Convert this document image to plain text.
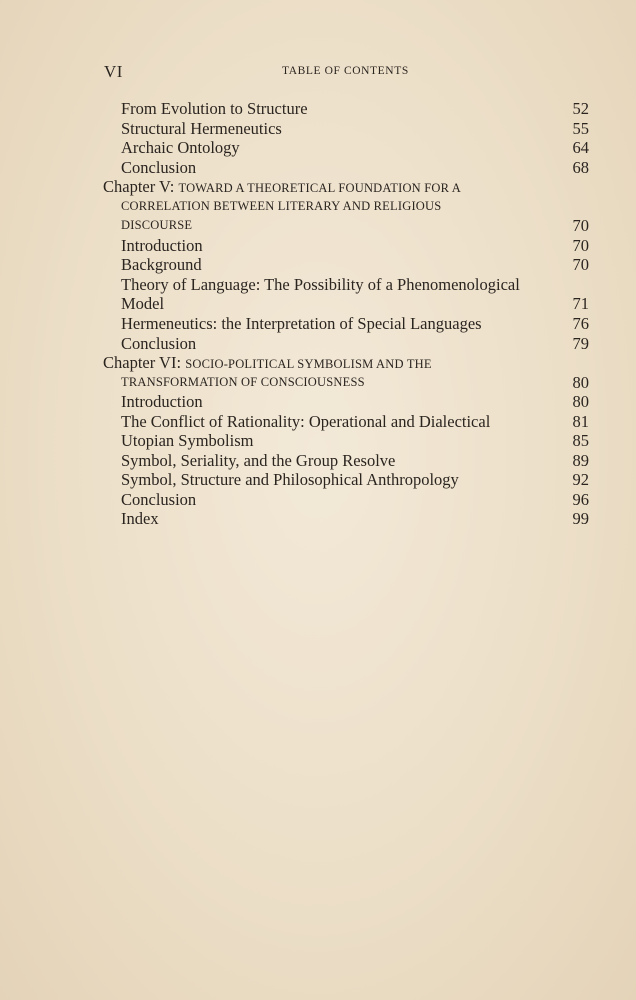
VI	TABLE OF CONTENTS
From Evolution to Structure	52
Structural Hermeneutics	55
Archaic Ontology	64
Conclusion	68
Chapter V: TOWARD A THEORETICAL FOUNDATION FOR A
CORRELATION BETWEEN LITERARY AND RELIGIOUS
DISCOURSE	70
Introduction	70
Background	70
Theory of Language: The Possibility of a Phenomenological
Model	71
Hermeneutics: the Interpretation of Special Languages	76
Conclusion	79
Chapter VI: SOCIO-POLITICAL SYMBOLISM AND THE
TRANSFORMATION OF CONSCIOUSNESS	80
Introduction	80
The Conflict of Rationality: Operational and Dialectical	81
Utopian Symbolism	85
Symbol, Seriality, and the Group Resolve	89
Symbol, Structure and Philosophical Anthropology	92
Conclusion	96
Index	99
